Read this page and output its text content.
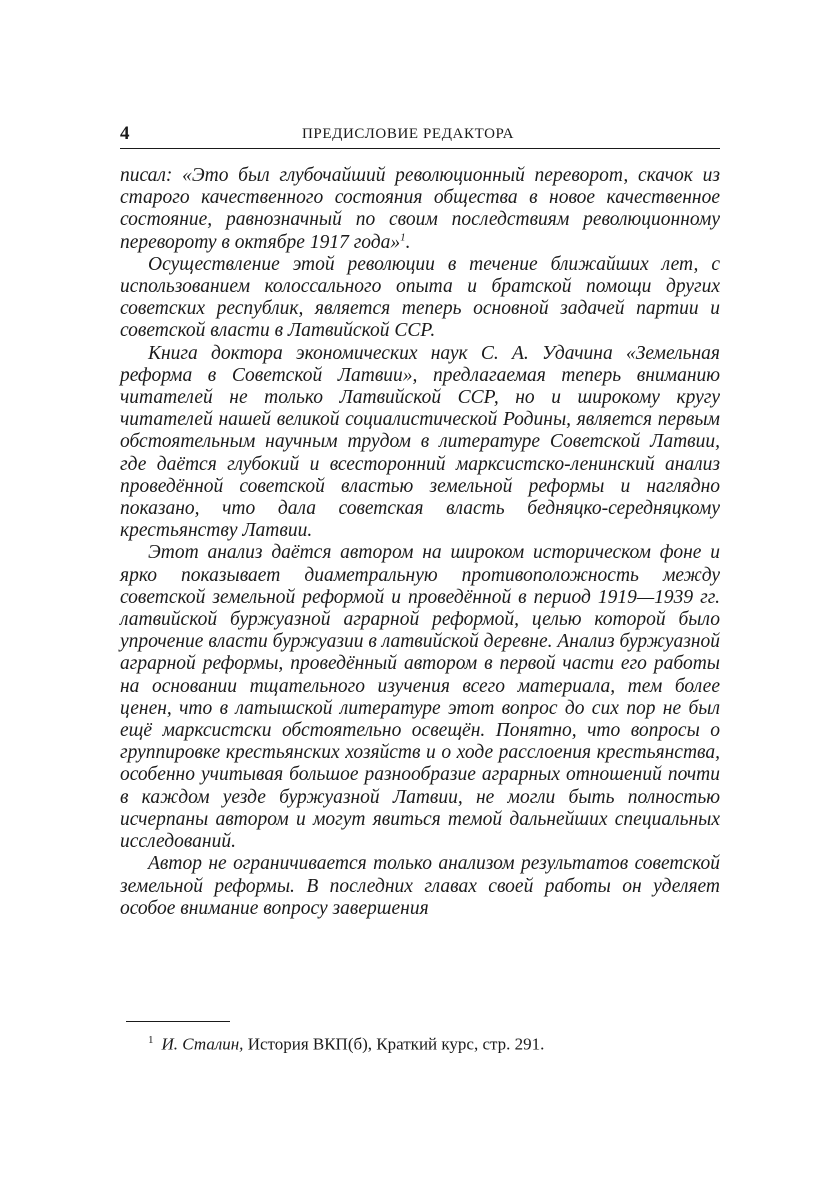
4	ПРЕДИСЛОВИЕ РЕДАКТОРА

писал: «Это был глубочайший революционный переворот, скачок из старого качественного состояния общества в новое качественное состояние, равнозначный по своим последствиям революционному перевороту в октябре 1917 года»$^1$.

Осуществление этой революции в течение ближайших лет, с использованием колоссального опыта и братской помощи других советских республик, является теперь основной задачей партии и советской власти в Латвийской ССР.

Книга доктора экономических наук С. А. Удачина «Земельная реформа в Советской Латвии», предлагаемая теперь вниманию читателей не только Латвийской ССР, но и широкому кругу читателей нашей великой социалистической Родины, является первым обстоятельным научным трудом в литературе Советской Латвии, где даётся глубокий и всесторонний марксистско-ленинский анализ проведённой советской властью земельной реформы и наглядно показано, что дала советская власть бедняцко-середняцкому крестьянству Латвии.

Этот анализ даётся автором на широком историческом фоне и ярко показывает диаметральную противоположность между советской земельной реформой и проведённой в период 1919—1939 гг. латвийской буржуазной аграрной реформой, целью которой было упрочение власти буржуазии в латвийской деревне. Анализ буржуазной аграрной реформы, проведённый автором в первой части его работы на основании тщательного изучения всего материала, тем более ценен, что в латышской литературе этот вопрос до сих пор не был ещё марксистски обстоятельно освещён. Понятно, что вопросы о группировке крестьянских хозяйств и о ходе расслоения крестьянства, особенно учитывая большое разнообразие аграрных отношений почти в каждом уезде буржуазной Латвии, не могли быть полностью исчерпаны автором и могут явиться темой дальнейших специальных исследований.

Автор не ограничивается только анализом результатов советской земельной реформы. В последних главах своей работы он уделяет особое внимание вопросу завершения

$^1$ И. Сталин, История ВКП(б), Краткий курс, стр. 291.
